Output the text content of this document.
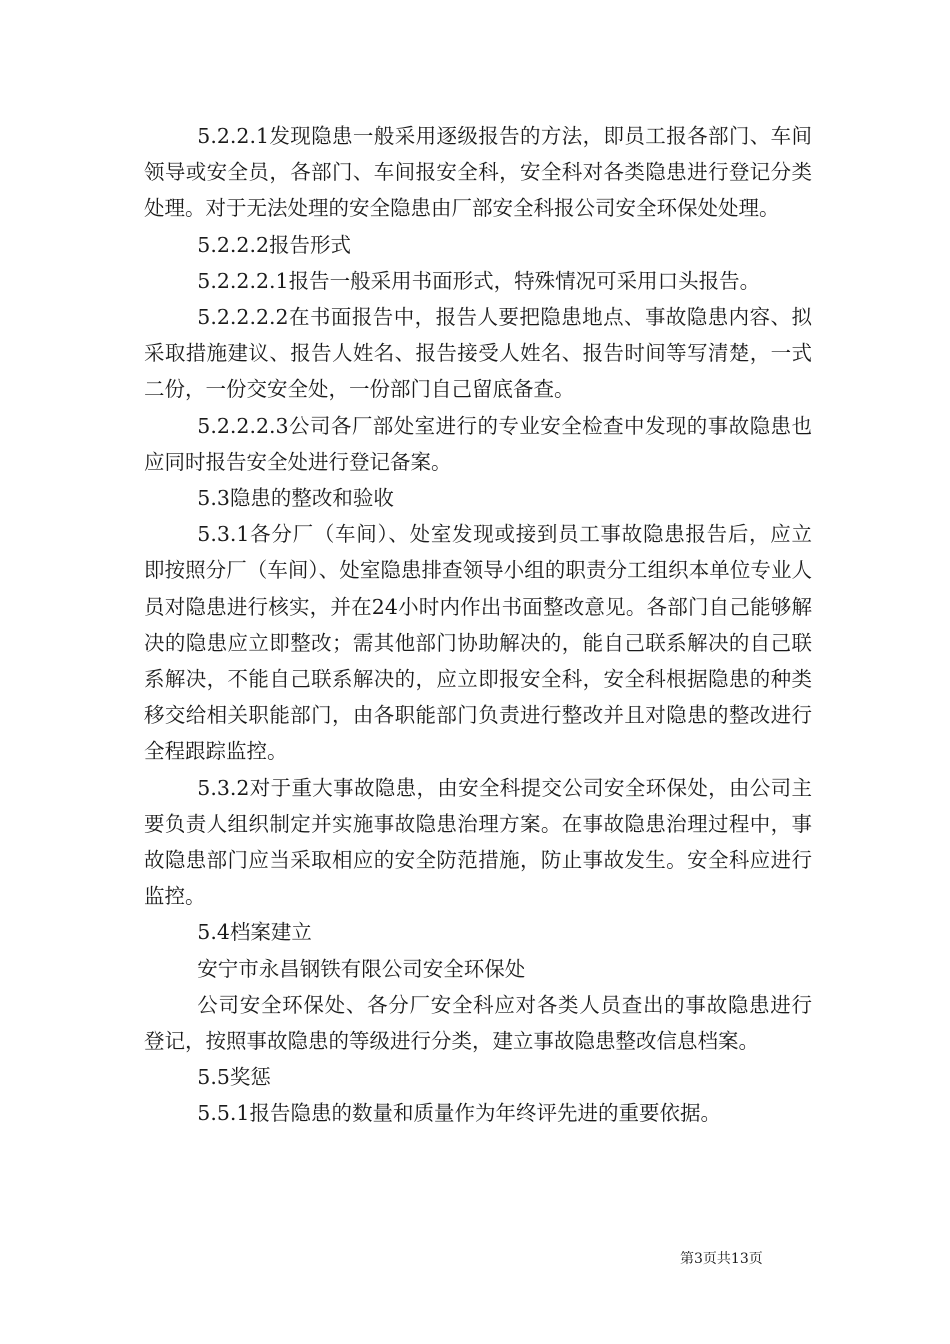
5.2.2.1发现隐患一般采用逐级报告的方法，即员工报各部门、车间领导或安全员，各部门、车间报安全科，安全科对各类隐患进行登记分类处理。对于无法处理的安全隐患由厂部安全科报公司安全环保处处理。

5.2.2.2报告形式

5.2.2.2.1报告一般采用书面形式，特殊情况可采用口头报告。

5.2.2.2.2在书面报告中，报告人要把隐患地点、事故隐患内容、拟采取措施建议、报告人姓名、报告接受人姓名、报告时间等写清楚，一式二份，一份交安全处，一份部门自己留底备查。

5.2.2.2.3公司各厂部处室进行的专业安全检查中发现的事故隐患也应同时报告安全处进行登记备案。

5.3隐患的整改和验收

5.3.1各分厂（车间）、处室发现或接到员工事故隐患报告后，应立即按照分厂（车间）、处室隐患排查领导小组的职责分工组织本单位专业人员对隐患进行核实，并在24小时内作出书面整改意见。各部门自己能够解决的隐患应立即整改；需其他部门协助解决的，能自己联系解决的自己联系解决，不能自己联系解决的，应立即报安全科，安全科根据隐患的种类移交给相关职能部门，由各职能部门负责进行整改并且对隐患的整改进行全程跟踪监控。

5.3.2对于重大事故隐患，由安全科提交公司安全环保处，由公司主要负责人组织制定并实施事故隐患治理方案。在事故隐患治理过程中，事故隐患部门应当采取相应的安全防范措施，防止事故发生。安全科应进行监控。

5.4档案建立

安宁市永昌钢铁有限公司安全环保处

公司安全环保处、各分厂安全科应对各类人员查出的事故隐患进行登记，按照事故隐患的等级进行分类，建立事故隐患整改信息档案。

5.5奖惩

5.5.1报告隐患的数量和质量作为年终评先进的重要依据。

第3页共13页
